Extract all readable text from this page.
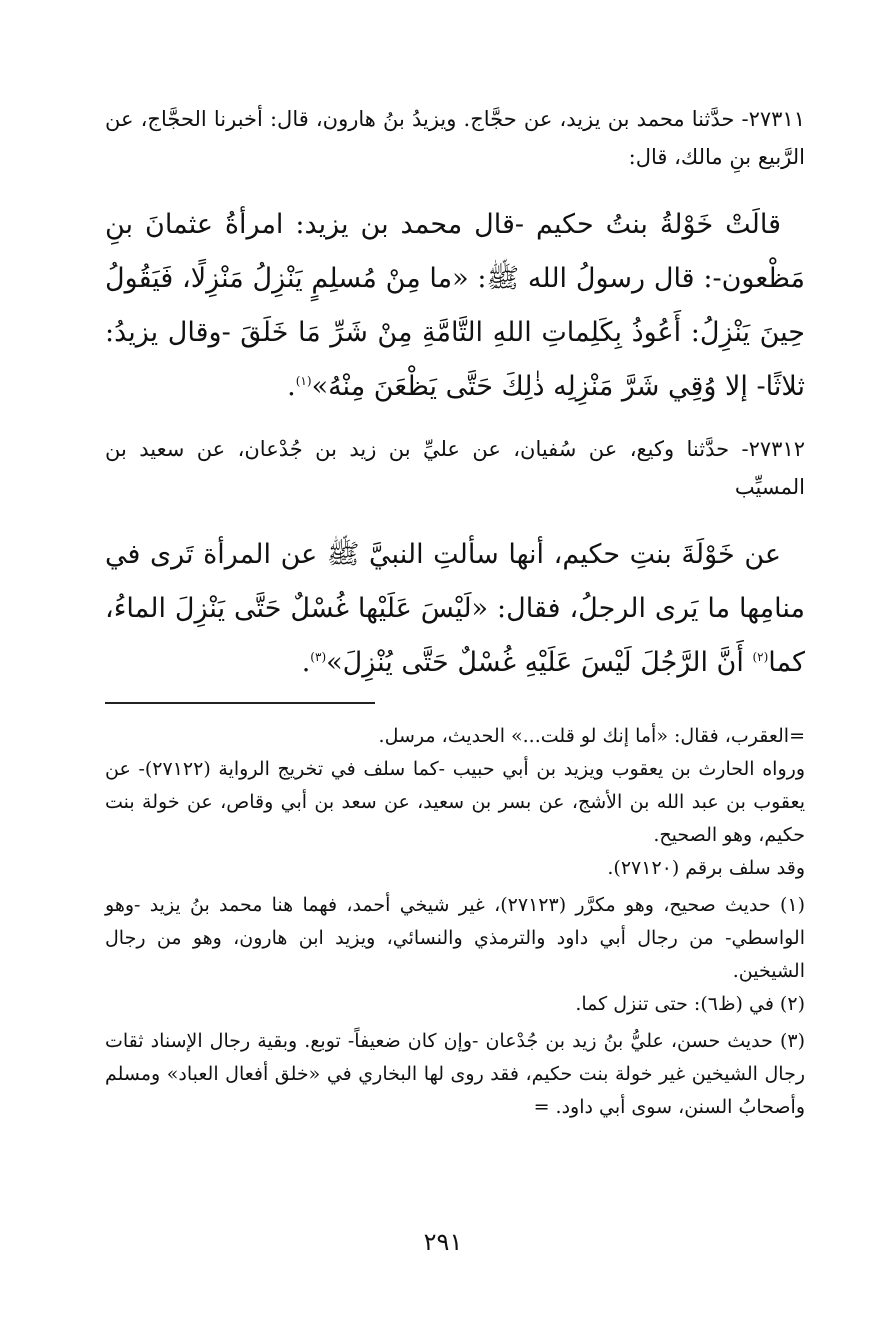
٢٧٣١١- حدَّثنا محمد بن يزيد، عن حجَّاج. ويزيدُ بنُ هارون، قال: أخبرنا الحجَّاج، عن الرَّبيع بنِ مالك، قال:

قالَتْ خَوْلةُ بنتُ حكيم -قال محمد بن يزيد: امرأةُ عثمانَ بنِ مَظْعون-: قال رسولُ الله ﷺ: «ما مِنْ مُسلِمٍ يَنْزِلُ مَنْزِلًا، فَيَقُولُ حِينَ يَنْزِلُ: أَعُوذُ بِكَلِماتِ اللهِ التَّامَّةِ مِنْ شَرِّ مَا خَلَقَ -وقال يزيدُ: ثلاثًا- إلا وُقِي شَرَّ مَنْزِلِه ذٰلِكَ حَتَّى يَظْعَنَ مِنْهُ»$^{(١)}$.

٢٧٣١٢- حدَّثنا وكيع، عن سُفيان، عن عليِّ بن زيد بن جُدْعان، عن سعيد بن المسيِّب

عن خَوْلَةَ بنتِ حكيم، أنها سألتِ النبيَّ ﷺ عن المرأة تَرى في منامِها ما يَرى الرجلُ، فقال: «لَيْسَ عَلَيْها غُسْلٌ حَتَّى يَنْزِلَ الماءُ، كما$^{(٢)}$ أَنَّ الرَّجُلَ لَيْسَ عَلَيْهِ غُسْلٌ حَتَّى يُنْزِلَ»$^{(٣)}$.

=العقرب، فقال: «أما إنك لو قلت...» الحديث، مرسل.

ورواه الحارث بن يعقوب ويزيد بن أبي حبيب -كما سلف في تخريج الرواية (٢٧١٢٢)- عن يعقوب بن عبد الله بن الأشج، عن بسر بن سعيد، عن سعد بن أبي وقاص، عن خولة بنت حكيم، وهو الصحيح.

وقد سلف برقم (٢٧١٢٠).

(١) حديث صحيح، وهو مكرَّر (٢٧١٢٣)، غير شيخي أحمد، فهما هنا محمد بنُ يزيد -وهو الواسطي- من رجال أبي داود والترمذي والنسائي، ويزيد ابن هارون، وهو من رجال الشيخين.

(٢) في (ظ٦): حتى تنزل كما.

(٣) حديث حسن، عليُّ بنُ زيد بن جُدْعان -وإن كان ضعيفاً- توبع. وبقية رجال الإسناد ثقات رجال الشيخين غير خولة بنت حكيم، فقد روى لها البخاري في «خلق أفعال العباد» ومسلم وأصحابُ السنن، سوى أبي داود. =

٢٩١
